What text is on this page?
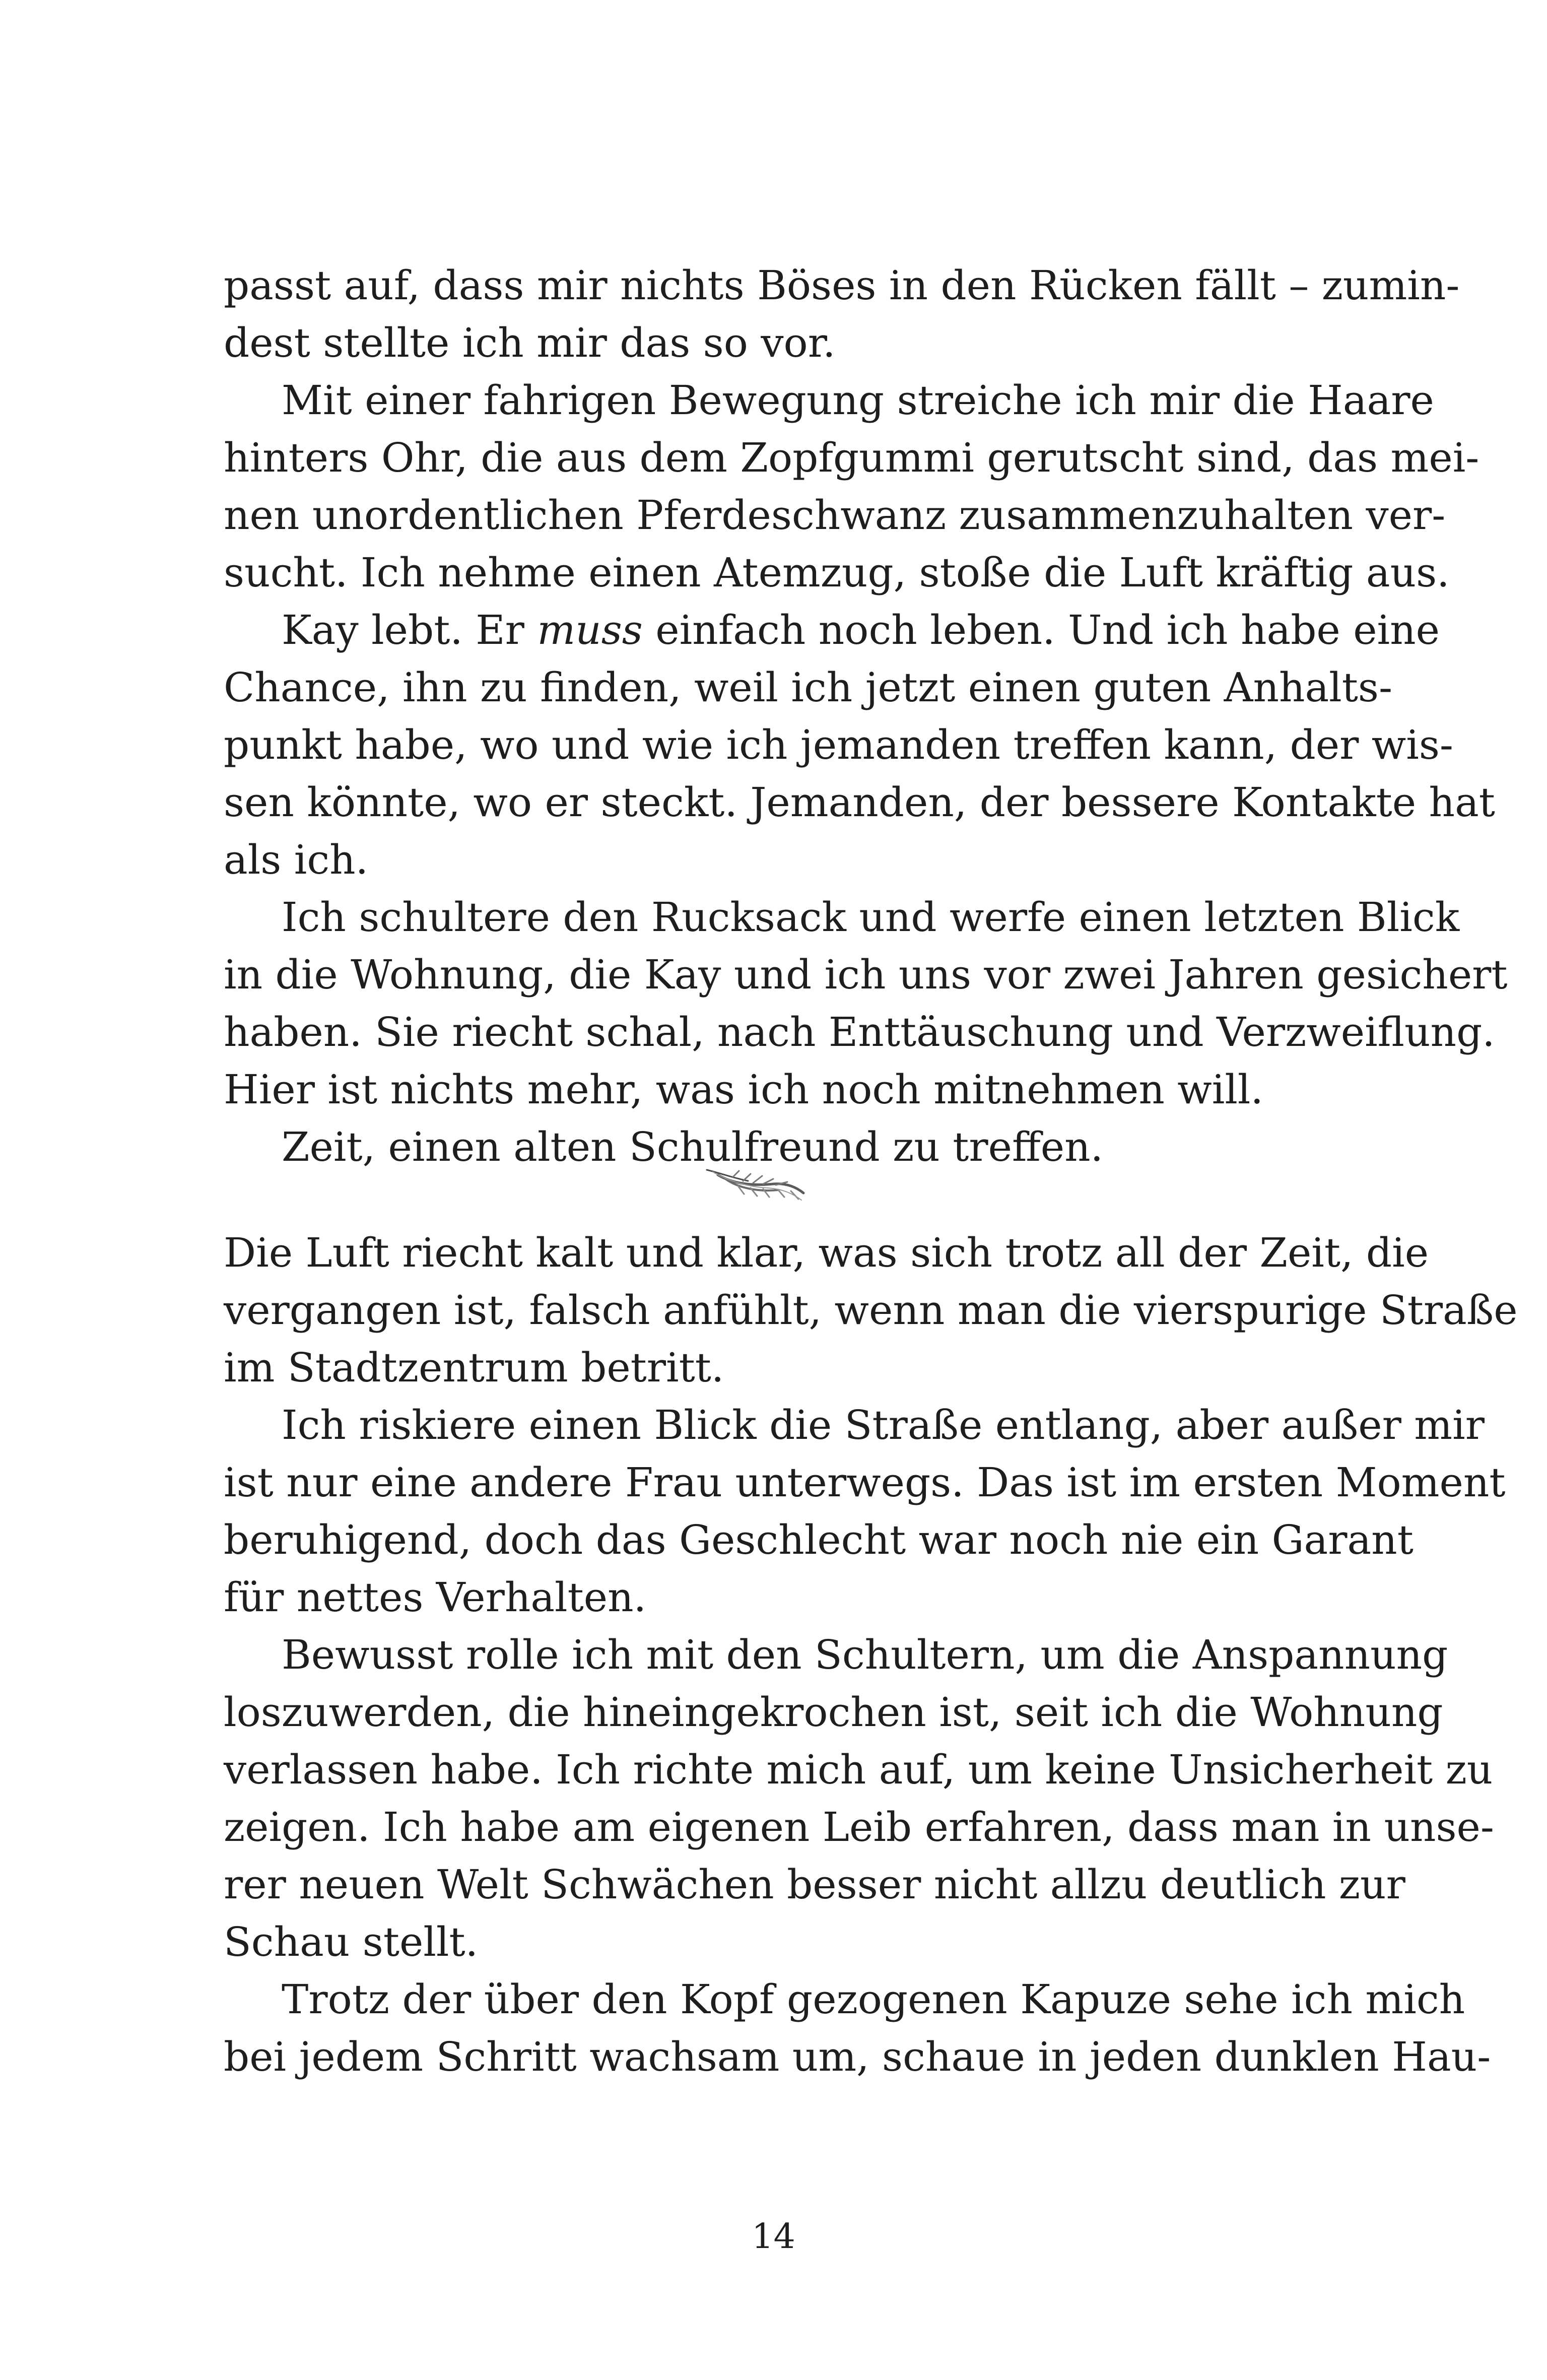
passt auf, dass mir nichts Böses in den Rücken fällt – zumin-
dest stellte ich mir das so vor.
Mit einer fahrigen Bewegung streiche ich mir die Haare
hinters Ohr, die aus dem Zopfgummi gerutscht sind, das mei-
nen unordentlichen Pferdeschwanz zusammenzuhalten ver-
sucht. Ich nehme einen Atemzug, stoße die Luft kräftig aus.
Kay lebt. Er muss einfach noch leben. Und ich habe eine
Chance, ihn zu finden, weil ich jetzt einen guten Anhalts-
punkt habe, wo und wie ich jemanden treffen kann, der wis-
sen könnte, wo er steckt. Jemanden, der bessere Kontakte hat
als ich.
Ich schultere den Rucksack und werfe einen letzten Blick
in die Wohnung, die Kay und ich uns vor zwei Jahren gesichert
haben. Sie riecht schal, nach Enttäuschung und Verzweiflung.
Hier ist nichts mehr, was ich noch mitnehmen will.
Zeit, einen alten Schulfreund zu treffen.
Die Luft riecht kalt und klar, was sich trotz all der Zeit, die
vergangen ist, falsch anfühlt, wenn man die vierspurige Straße
im Stadtzentrum betritt.
Ich riskiere einen Blick die Straße entlang, aber außer mir
ist nur eine andere Frau unterwegs. Das ist im ersten Moment
beruhigend, doch das Geschlecht war noch nie ein Garant
für nettes Verhalten.
Bewusst rolle ich mit den Schultern, um die Anspannung
loszuwerden, die hineingekrochen ist, seit ich die Wohnung
verlassen habe. Ich richte mich auf, um keine Unsicherheit zu
zeigen. Ich habe am eigenen Leib erfahren, dass man in unse-
rer neuen Welt Schwächen besser nicht allzu deutlich zur
Schau stellt.
Trotz der über den Kopf gezogenen Kapuze sehe ich mich
bei jedem Schritt wachsam um, schaue in jeden dunklen Hau-
14
